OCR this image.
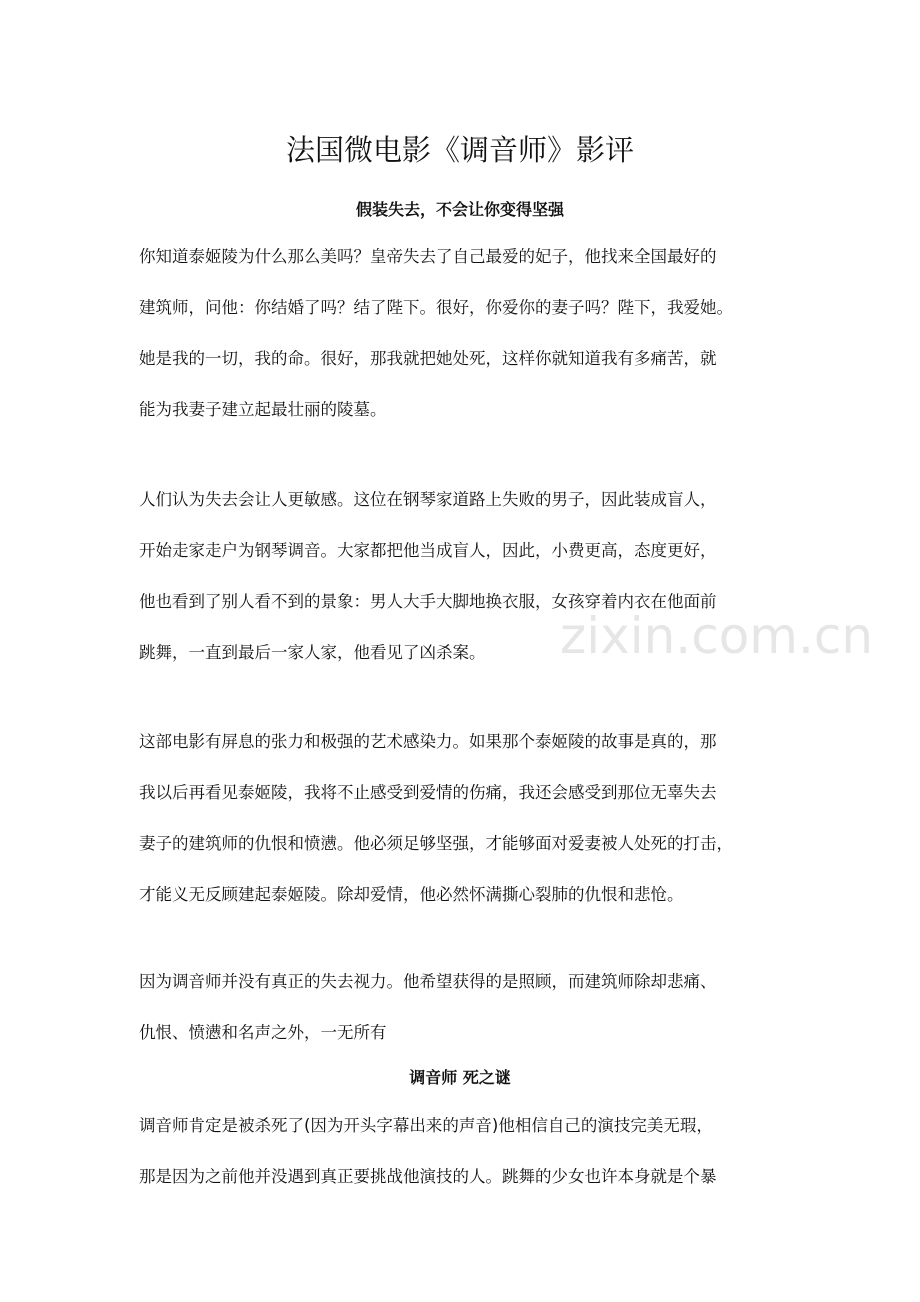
zixin.com.cn
法国微电影《调音师》影评
假装失去，不会让你变得坚强
你知道泰姬陵为什么那么美吗？皇帝失去了自己最爱的妃子，他找来全国最好的
建筑师，问他：你结婚了吗？结了陛下。很好，你爱你的妻子吗？陛下，我爱她。
她是我的一切，我的命。很好，那我就把她处死，这样你就知道我有多痛苦，就
能为我妻子建立起最壮丽的陵墓。
人们认为失去会让人更敏感。这位在钢琴家道路上失败的男子，因此装成盲人，
开始走家走户为钢琴调音。大家都把他当成盲人，因此，小费更高，态度更好，
他也看到了别人看不到的景象：男人大手大脚地换衣服，女孩穿着内衣在他面前
跳舞，一直到最后一家人家，他看见了凶杀案。
这部电影有屏息的张力和极强的艺术感染力。如果那个泰姬陵的故事是真的，那
我以后再看见泰姬陵，我将不止感受到爱情的伤痛，我还会感受到那位无辜失去
妻子的建筑师的仇恨和愤懑。他必须足够坚强，才能够面对爱妻被人处死的打击，
才能义无反顾建起泰姬陵。除却爱情，他必然怀满撕心裂肺的仇恨和悲怆。
因为调音师并没有真正的失去视力。他希望获得的是照顾，而建筑师除却悲痛、
仇恨、愤懑和名声之外，一无所有
调音师 死之谜
调音师肯定是被杀死了(因为开头字幕出来的声音)他相信自己的演技完美无瑕，
那是因为之前他并没遇到真正要挑战他演技的人。跳舞的少女也许本身就是个暴
